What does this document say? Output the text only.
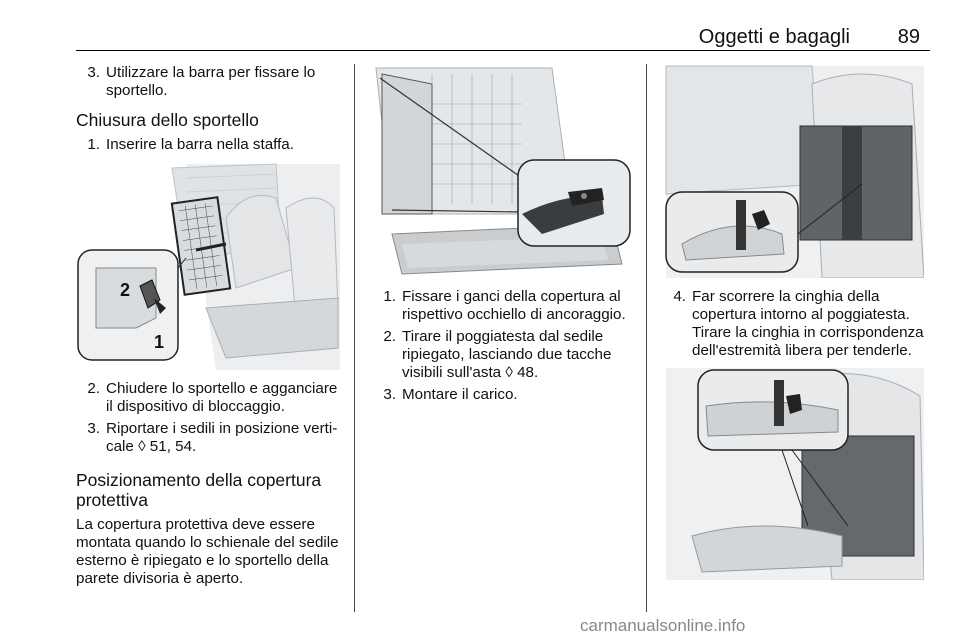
Oggetti e bagagli 89
3. Utilizzare la barra per fissare lo sportello.
Chiusura dello sportello
1. Inserire la barra nella staffa.
2
1
2. Chiudere lo sportello e agganciare il dispositivo di bloccaggio.
3. Riportare i sedili in posizione verticale ◊ 51, 54.
Posizionamento della copertura protettiva

La copertura protettiva deve essere montata quando lo schienale del sedile esterno è ripiegato e lo sportello della parete divisoria è aperto.

1. Fissare i ganci della copertura al rispettivo occhiello di ancoraggio.
2. Tirare il poggiatesta dal sedile ripiegato, lasciando due tacche visibili sull'asta ◊ 48.
3. Montare il carico.
4. Far scorrere la cinghia della copertura intorno al poggiatesta. Tirare la cinghia in corrispondenza dell'estremità libera per tenderle.
carmanualsonline.info
